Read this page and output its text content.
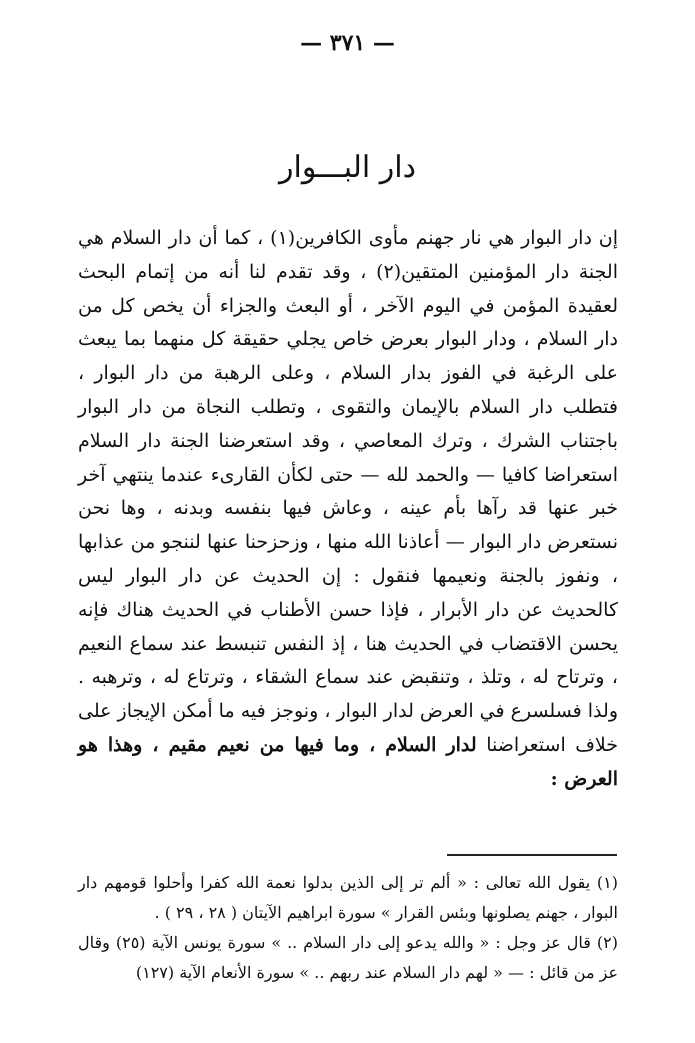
— ٣٧١ —
دار البـــوار

إن دار البوار هي نار جهنم مأوى الكافرين(١) ، كما أن دار السلام هي الجنة دار المؤمنين المتقين(٢) ، وقد تقدم لنا أنه من إتمام البحث لعقيدة المؤمن في اليوم الآخر ، أو البعث والجزاء أن يخص كل من دار السلام ، ودار البوار بعرض خاص يجلي حقيقة كل منهما بما يبعث على الرغبة في الفوز بدار السلام ، وعلى الرهبة من دار البوار ، فتطلب دار السلام بالإيمان والتقوى ، وتطلب النجاة من دار البوار باجتناب الشرك ، وترك المعاصي ، وقد استعرضنا الجنة دار السلام استعراضا كافيا — والحمد لله — حتى لكأن القارىء عندما ينتهي آخر خبر عنها قد رآها بأم عينه ، وعاش فيها بنفسه وبدنه ، وها نحن نستعرض دار البوار — أعاذنا الله منها ، وزحزحنا عنها لننجو من عذابها ، ونفوز بالجنة ونعيمها فنقول : إن الحديث عن دار البوار ليس كالحديث عن دار الأبرار ، فإذا حسن الأطناب في الحديث هناك فإنه يحسن الاقتضاب في الحديث هنا ، إذ النفس تنبسط عند سماع النعيم ، وترتاح له ، وتلذ ، وتنقبض عند سماع الشقاء ، وترتاع له ، وترهبه . ولذا فسلسرع في العرض لدار البوار ، ونوجز فيه ما أمكن الإيجاز على خلاف استعراضنا لدار السلام ، وما فيها من نعيم مقيم ، وهذا هو العرض :

(١) يقول الله تعالى : « ألم تر إلى الذين بدلوا نعمة الله كفرا وأحلوا قومهم دار البوار ، جهنم يصلونها وبئس القرار » سورة ابراهيم الآيتان ( ٢٨ ، ٢٩ ) .

(٢) قال عز وجل : « والله يدعو إلى دار السلام .. » سورة يونس الآية (٢٥) وقال عز من قائل : — « لهم دار السلام عند ربهم .. » سورة الأنعام الآية (١٢٧)
